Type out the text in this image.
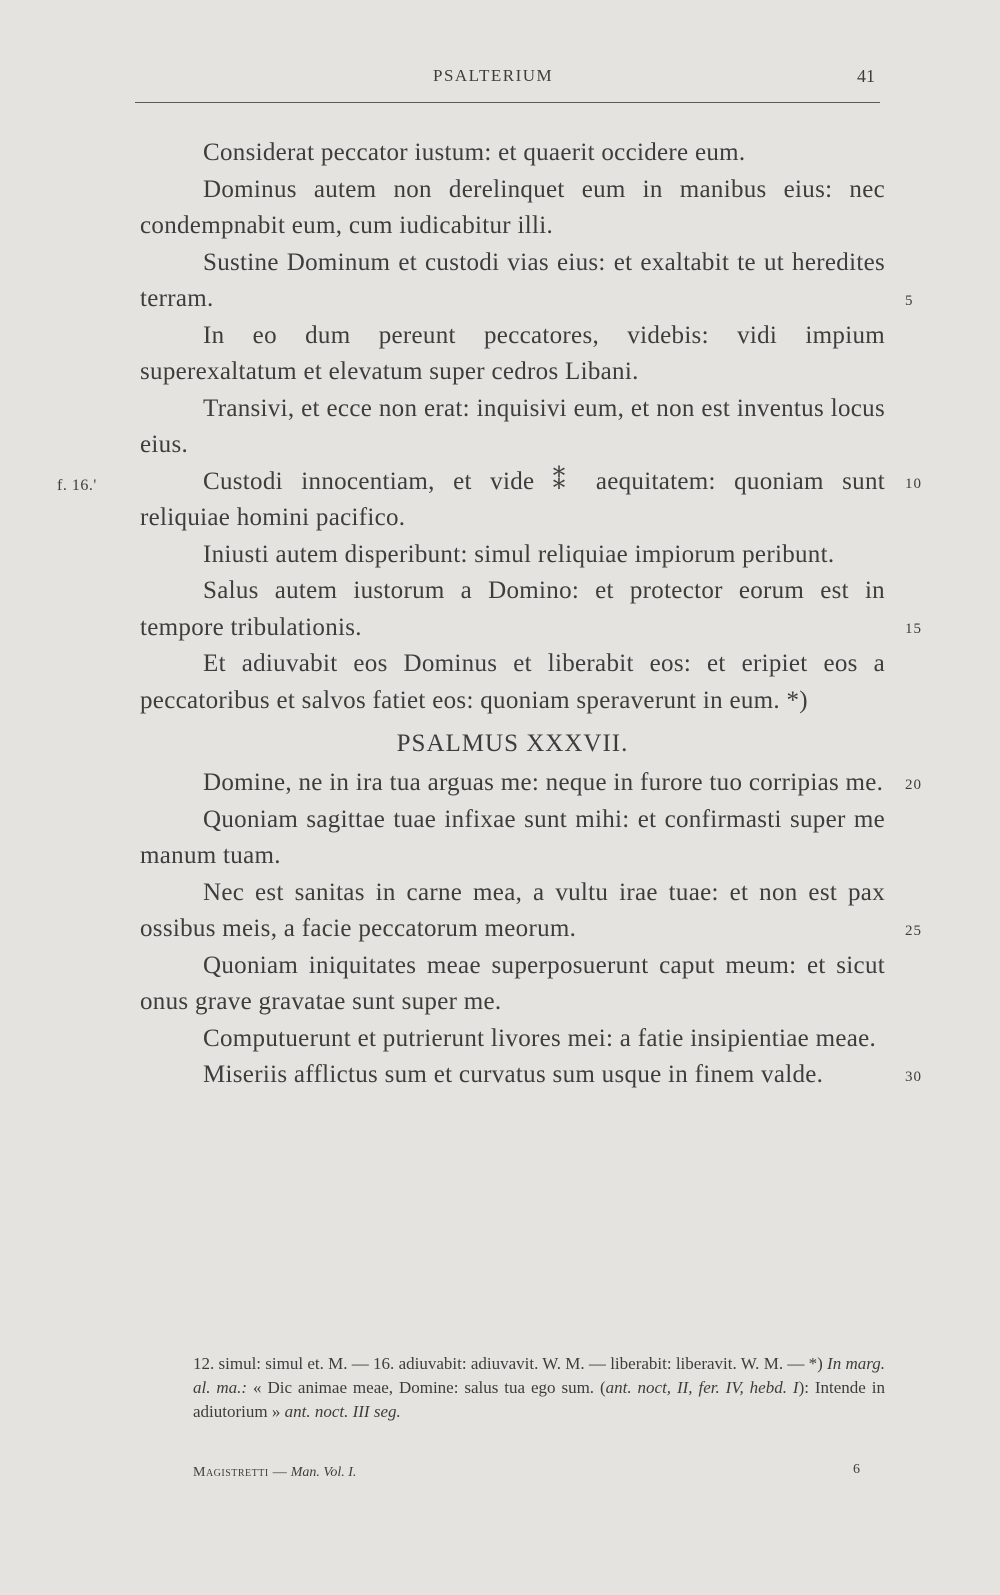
PSALTERIUM	41

Considerat peccator iustum: et quaerit occidere eum.

Dominus autem non derelinquet eum in manibus eius: nec condempnabit eum, cum iudicabitur illi.

Sustine Dominum et custodi vias eius: et exaltabit te ut heredites terram.	5

In eo dum pereunt peccatores, videbis: vidi impium superexaltatum et elevatum super cedros Libani.

Transivi, et ecce non erat: inquisivi eum, et non est inventus locus eius.

f. 16.'	Custodi innocentiam, et vide ⁑ aequitatem: quoniam sunt reliquiae homini pacifico.
10

Iniusti autem disperibunt: simul reliquiae impiorum peribunt.

Salus autem iustorum a Domino: et protector eorum est in tempore tribulationis.	15

Et adiuvabit eos Dominus et liberabit eos: et eripiet eos a peccatoribus et salvos fatiet eos: quoniam speraverunt in eum. *)

PSALMUS XXXVII.

Domine, ne in ira tua arguas me: neque in furore tuo corripias me. 20

Quoniam sagittae tuae infixae sunt mihi: et confirmasti super me manum tuam.

Nec est sanitas in carne mea, a vultu irae tuae: et non est pax ossibus meis, a facie peccatorum meorum.	25

Quoniam iniquitates meae superposuerunt caput meum: et sicut onus grave gravatae sunt super me.

Computuerunt et putrierunt livores mei: a fatie insipientiae meae.

Miseriis afflictus sum et curvatus sum usque in finem valde.	30

12. simul: simul et. M. — 16. adiuvabit: adiuvavit. W. M. — liberabit: liberavit. W. M. — *) In marg. al. ma.: « Dic animae meae, Domine: salus tua ego sum. (ant. noct, II, fer. IV, hebd. I): Intende in adiutorium » ant. noct. III seg.

Magistretti — Man. Vol. I.	6
